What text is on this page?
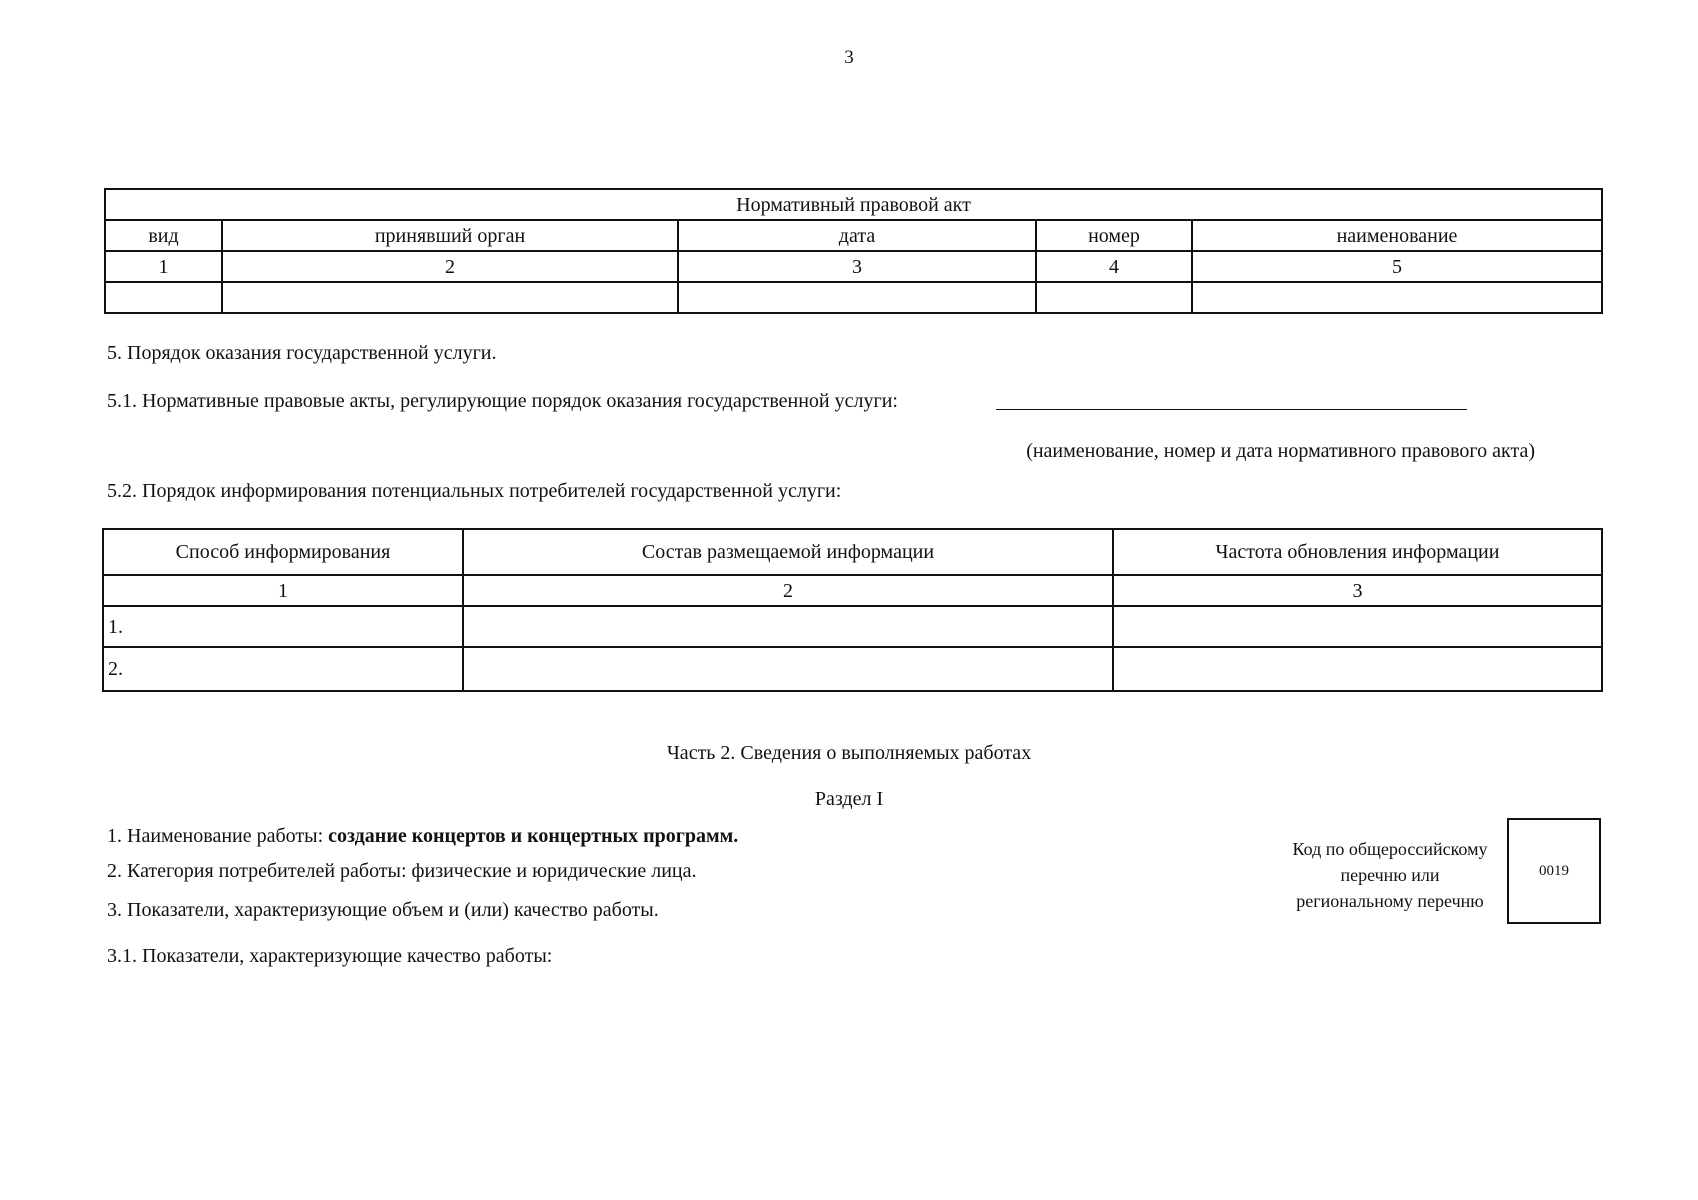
3
Нормативный правовой акт				
вид	принявший орган	дата	номер	наименование
1	2	3	4	5

5. Порядок оказания государственной услуги.
5.1. Нормативные правовые акты, регулирующие порядок оказания государственной услуги:
(наименование, номер и дата нормативного правового акта)
5.2. Порядок информирования потенциальных потребителей государственной услуги:
Способ информирования	Состав размещаемой информации	Частота обновления информации
1	2	3
1.		
2.		
Часть 2. Сведения о выполняемых работах
Раздел I
1. Наименование работы: создание концертов и концертных программ.
2. Категория потребителей работы: физические и юридические лица.
3. Показатели, характеризующие объем и (или) качество работы.
3.1. Показатели, характеризующие качество работы:
Код по общероссийскому
перечню или
региональному перечню
0019
